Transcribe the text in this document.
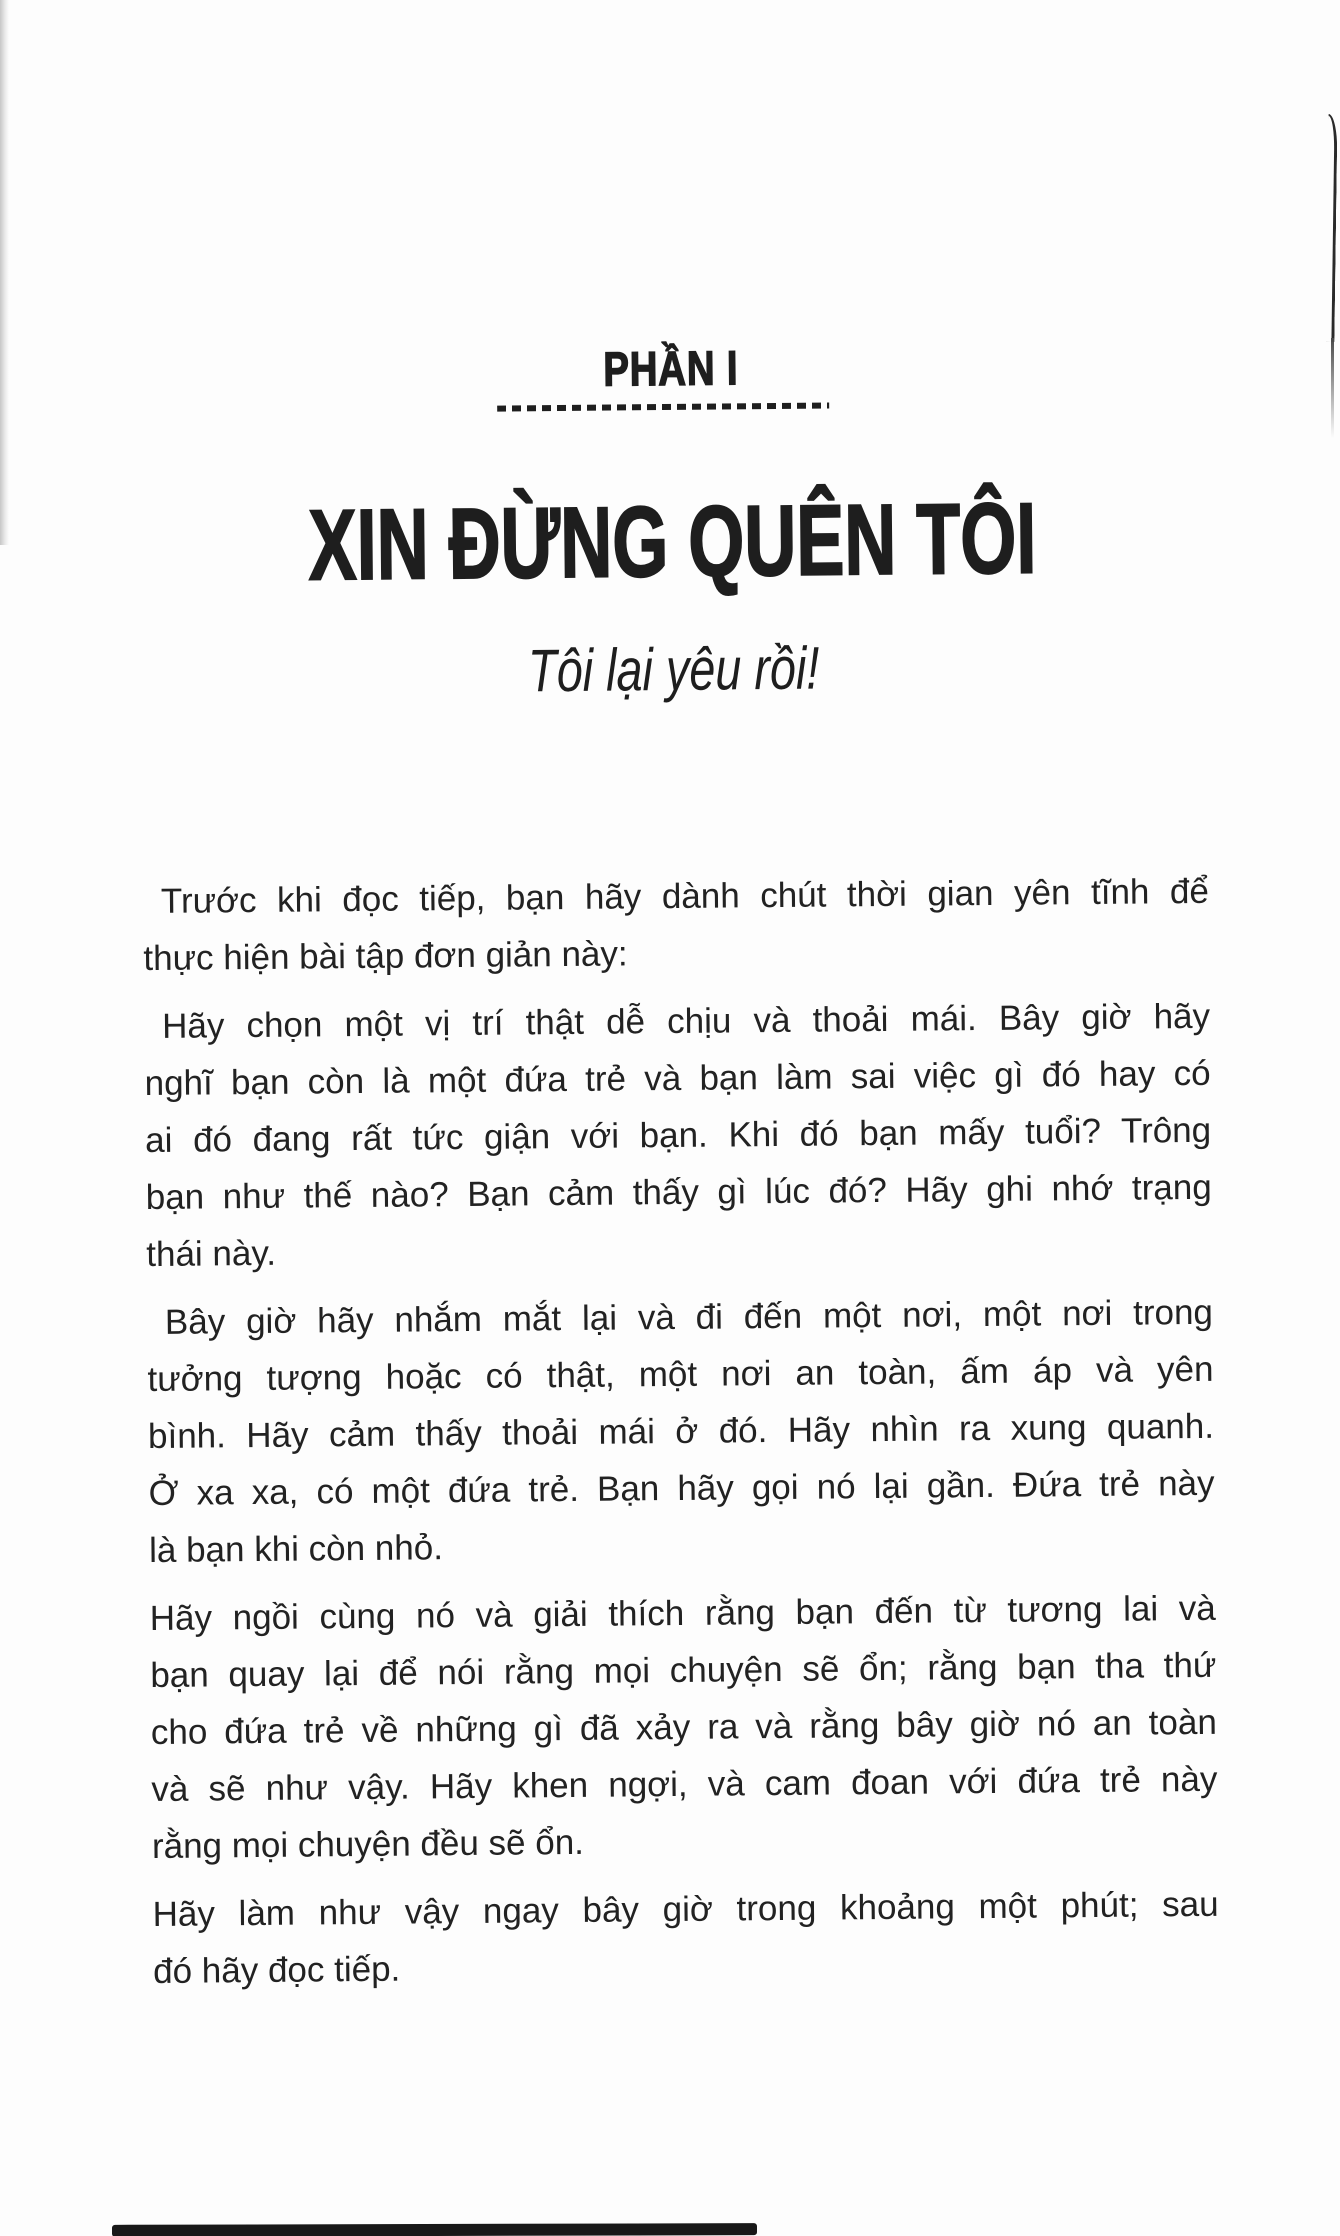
PHẦN I
XIN ĐỪNG QUÊN TÔI
Tôi lại yêu rồi!
Trước khi đọc tiếp, bạn hãy dành chút thời gian yên tĩnh để
thực hiện bài tập đơn giản này:
Hãy chọn một vị trí thật dễ chịu và thoải mái. Bây giờ hãy
nghĩ bạn còn là một đứa trẻ và bạn làm sai việc gì đó hay có
ai đó đang rất tức giận với bạn. Khi đó bạn mấy tuổi? Trông
bạn như thế nào? Bạn cảm thấy gì lúc đó? Hãy ghi nhớ trạng
thái này.
Bây giờ hãy nhắm mắt lại và đi đến một nơi, một nơi trong
tưởng tượng hoặc có thật, một nơi an toàn, ấm áp và yên
bình. Hãy cảm thấy thoải mái ở đó. Hãy nhìn ra xung quanh.
Ở xa xa, có một đứa trẻ. Bạn hãy gọi nó lại gần. Đứa trẻ này
là bạn khi còn nhỏ.
Hãy ngồi cùng nó và giải thích rằng bạn đến từ tương lai và
bạn quay lại để nói rằng mọi chuyện sẽ ổn; rằng bạn tha thứ
cho đứa trẻ về những gì đã xảy ra và rằng bây giờ nó an toàn
và sẽ như vậy. Hãy khen ngợi, và cam đoan với đứa trẻ này
rằng mọi chuyện đều sẽ ổn.
Hãy làm như vậy ngay bây giờ trong khoảng một phút; sau
đó hãy đọc tiếp.
